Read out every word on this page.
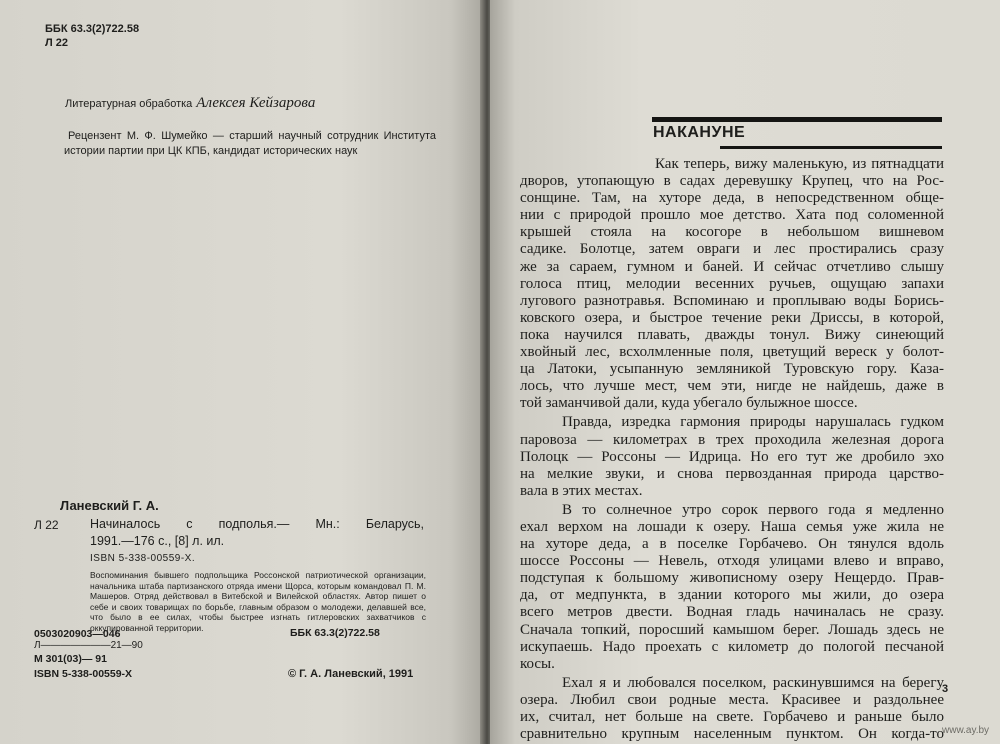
ББК 63.3(2)722.58
Л 22
Литературная обработка Алексея Кейзарова
Рецензент М. Ф. Шумейко — старший научный сотрудник Института истории партии при ЦК КПБ, кандидат исторических наук
Ланевский Г. А.
Л 22	Начиналось с подполья.— Мн.: Беларусь,
1991.—176 с., [8] л. ил.
ISBN 5-338-00559-X.
Воспоминания бывшего подпольщика Россонской патриотической организации, начальника штаба партизанского отряда имени Щорса, которым командовал П. М. Машеров. Отряд действовал в Витебской и Вилейской областях. Автор пишет о себе и своих товарищах по борьбе, главным образом о молодежи, делавшей все, что было в ее силах, чтобы быстрее изгнать гитлеровских захватчиков с оккупированной территории.
0503020903—046
Л———————21—90
М 301(03)— 91
ISBN 5-338-00559-X
ББК 63.3(2)722.58
© Г. А. Ланевский, 1991
НАКАНУНЕ
Как теперь, вижу маленькую, из пятнадцати
дворов, утопающую в садах деревушку Крупец, что на Рос-
сонщине. Там, на хуторе деда, в непосредственном обще-
нии с природой прошло мое детство. Хата под соломенной
крышей стояла на косогоре в небольшом вишневом
садике. Болотце, затем овраги и лес простирались сразу
же за сараем, гумном и баней. И сейчас отчетливо слышу
голоса птиц, мелодии весенних ручьев, ощущаю запахи
лугового разнотравья. Вспоминаю и проплываю воды Борись-
ковского озера, и быстрое течение реки Дриссы, в которой,
пока научился плавать, дважды тонул. Вижу синеющий
хвойный лес, всхолмленные поля, цветущий вереск у болот-
ца Латоки, усыпанную земляникой Туровскую гору. Каза-
лось, что лучше мест, чем эти, нигде не найдешь, даже в
той заманчивой дали, куда убегало булыжное шоссе.
Правда, изредка гармония природы нарушалась гудком
паровоза — километрах в трех проходила железная дорога
Полоцк — Россоны — Идрица. Но его тут же дробило эхо
на мелкие звуки, и снова первозданная природа царство-
вала в этих местах.
В то солнечное утро сорок первого года я медленно
ехал верхом на лошади к озеру. Наша семья уже жила не
на хуторе деда, а в поселке Горбачево. Он тянулся вдоль
шоссе Россоны — Невель, отходя улицами влево и вправо,
подступая к большому живописному озеру Нещердо. Прав-
да, от медпункта, в здании которого мы жили, до озера
всего метров двести. Водная гладь начиналась не сразу.
Сначала топкий, поросший камышом берег. Лошадь здесь не
искупаешь. Надо проехать с километр до пологой песчаной
косы.
Ехал я и любовался поселком, раскинувшимся на берегу
озера. Любил свои родные места. Красивее и раздольнее
их, считал, нет больше на свете. Горбачево и раньше было
сравнительно крупным населенным пунктом. Он когда-то
3
www.ay.by
